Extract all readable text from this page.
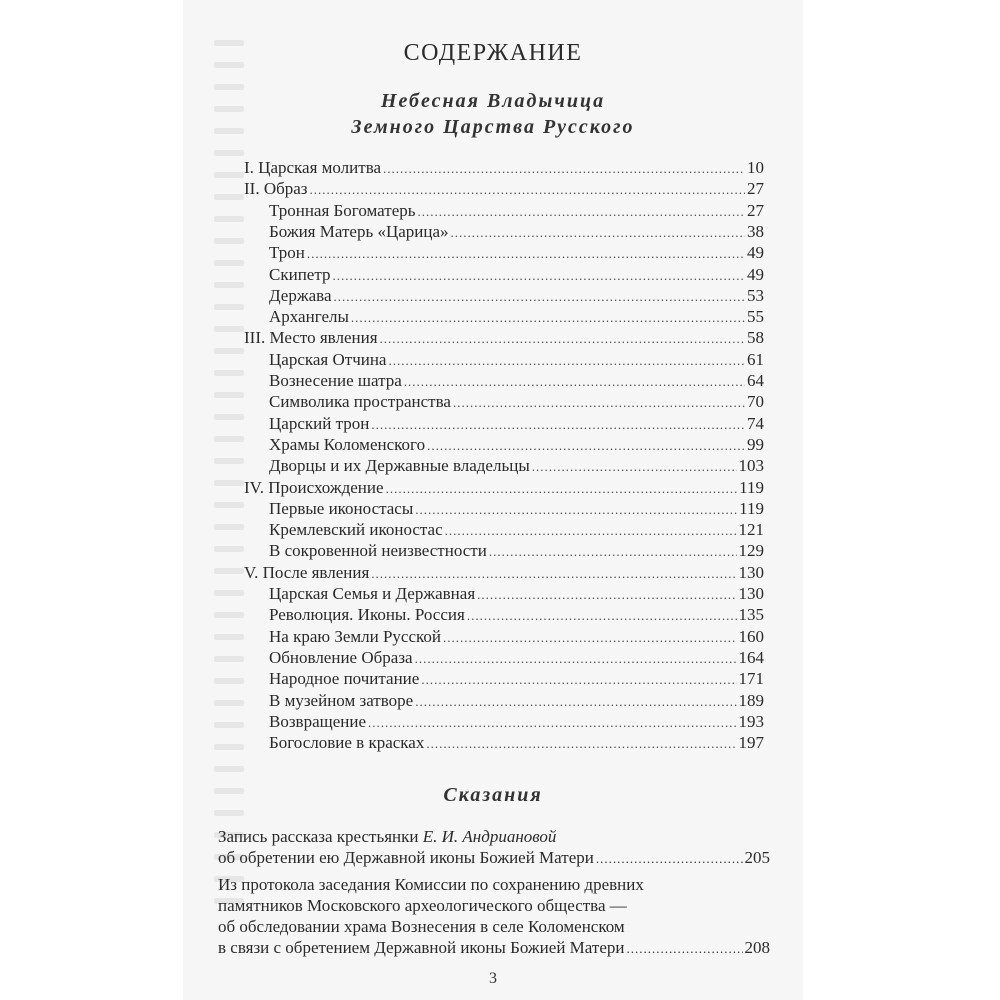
СОДЕРЖАНИЕ
Небесная Владычица
Земного Царства Русского
I. Царская молитва .....	10
II. Образ .....	27
Тронная Богоматерь .....	27
Божия Матерь «Царица» .....	38
Трон .....	49
Скипетр .....	49
Держава .....	53
Архангелы .....	55
III. Место явления .....	58
Царская Отчина .....	61
Вознесение шатра .....	64
Символика пространства .....	70
Царский трон .....	74
Храмы Коломенского .....	99
Дворцы и их Державные владельцы .....	103
IV. Происхождение .....	119
Первые иконостасы .....	119
Кремлевский иконостас .....	121
В сокровенной неизвестности .....	129
V. После явления .....	130
Царская Семья и Державная .....	130
Революция. Иконы. Россия .....	135
На краю Земли Русской .....	160
Обновление Образа .....	164
Народное почитание .....	171
В музейном затворе .....	189
Возвращение .....	193
Богословие в красках .....	197
Сказания
Запись рассказа крестьянки Е. И. Андриановой
об обретении ею Державной иконы Божией Матери .....	205
Из протокола заседания Комиссии по сохранению древних
памятников Московского археологического общества —
об обследовании храма Вознесения в селе Коломенском
в связи с обретением Державной иконы Божией Матери .....	208
3
